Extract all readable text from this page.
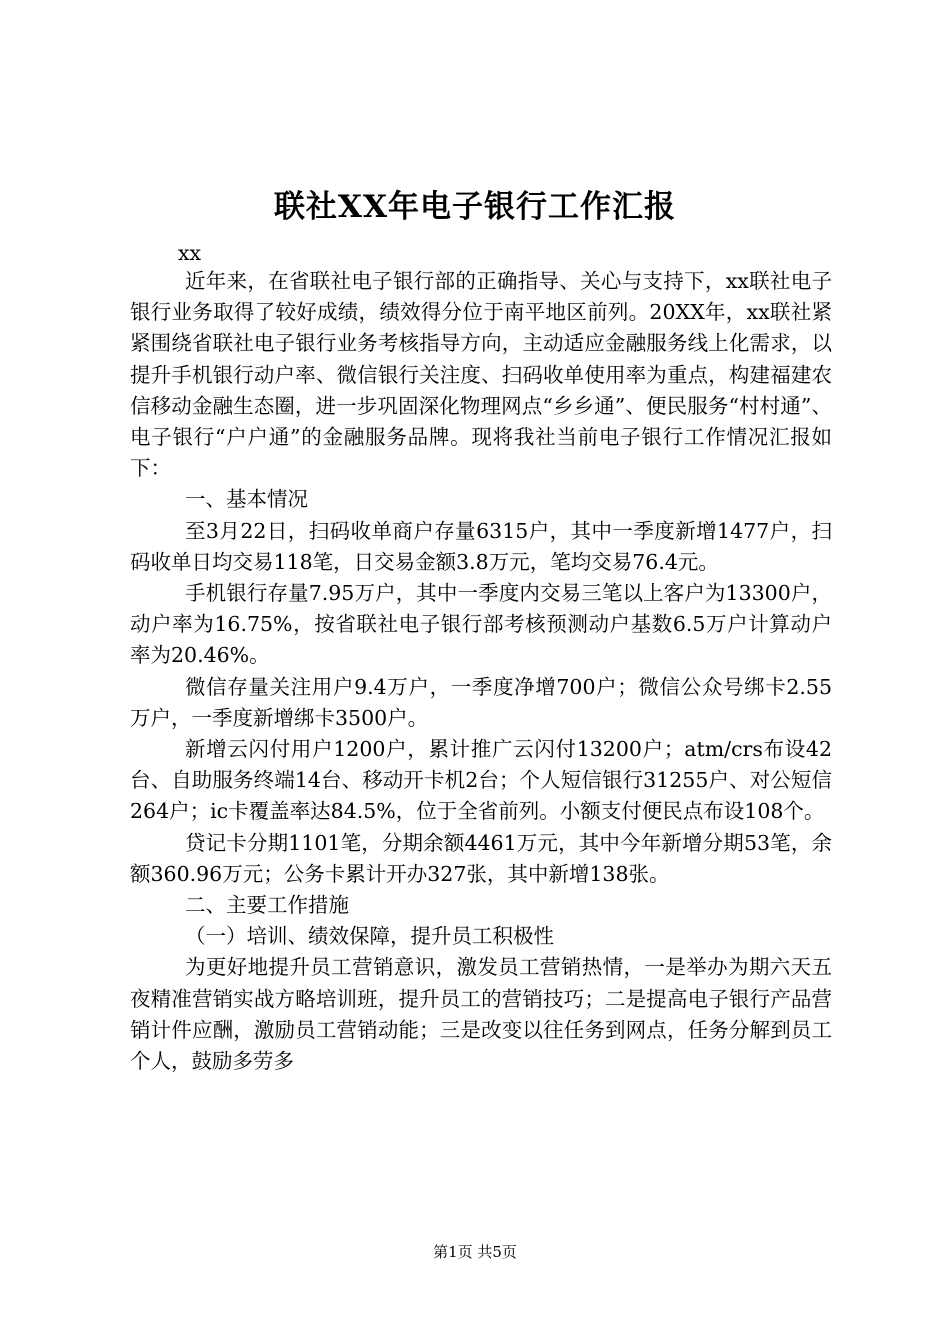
联社XX年电子银行工作汇报

xx

近年来，在省联社电子银行部的正确指导、关心与支持下，xx联社电子银行业务取得了较好成绩，绩效得分位于南平地区前列。20XX年，xx联社紧紧围绕省联社电子银行业务考核指导方向，主动适应金融服务线上化需求，以提升手机银行动户率、微信银行关注度、扫码收单使用率为重点，构建福建农信移动金融生态圈，进一步巩固深化物理网点“乡乡通”、便民服务“村村通”、电子银行“户户通”的金融服务品牌。现将我社当前电子银行工作情况汇报如下：

一、基本情况

至3月22日，扫码收单商户存量6315户，其中一季度新增1477户，扫码收单日均交易118笔，日交易金额3.8万元，笔均交易76.4元。

手机银行存量7.95万户，其中一季度内交易三笔以上客户为13300户，动户率为16.75%，按省联社电子银行部考核预测动户基数6.5万户计算动户率为20.46%。

微信存量关注用户9.4万户，一季度净增700户；微信公众号绑卡2.55万户，一季度新增绑卡3500户。

新增云闪付用户1200户，累计推广云闪付13200户；atm/crs布设42台、自助服务终端14台、移动开卡机2台；个人短信银行31255户、对公短信264户；ic卡覆盖率达84.5%，位于全省前列。小额支付便民点布设108个。

贷记卡分期1101笔，分期余额4461万元，其中今年新增分期53笔，余额360.96万元；公务卡累计开办327张，其中新增138张。

二、主要工作措施

（一）培训、绩效保障，提升员工积极性

为更好地提升员工营销意识，激发员工营销热情，一是举办为期六天五夜精准营销实战方略培训班，提升员工的营销技巧；二是提高电子银行产品营销计件应酬，激励员工营销动能；三是改变以往任务到网点，任务分解到员工个人，鼓励多劳多

第1页 共5页
